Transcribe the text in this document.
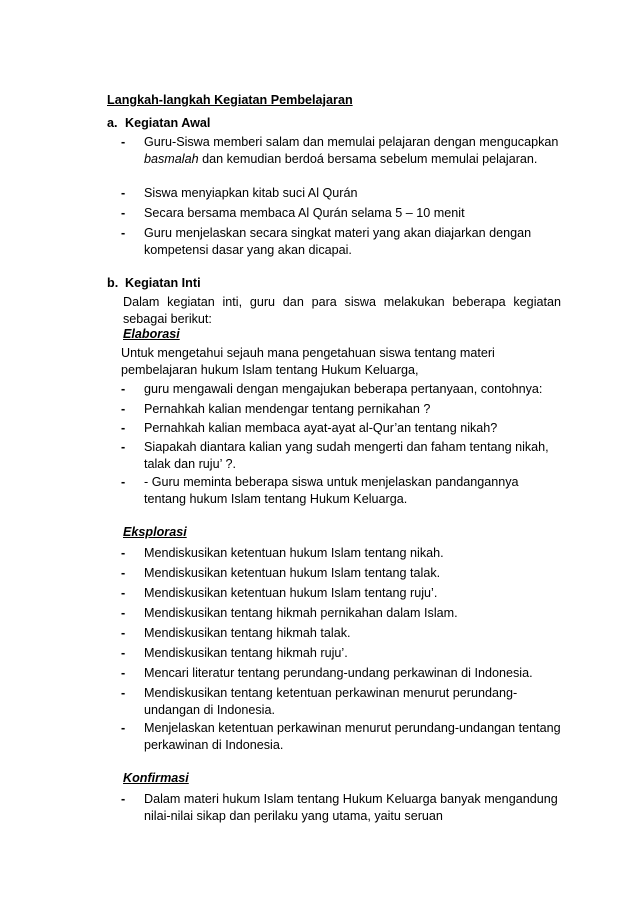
Langkah-langkah Kegiatan Pembelajaran
a. Kegiatan Awal
- Guru-Siswa memberi salam dan memulai pelajaran dengan mengucapkan basmalah dan kemudian berdoá bersama sebelum memulai pelajaran.
- Siswa menyiapkan kitab suci Al Qurán
- Secara bersama membaca Al Qurán selama 5 – 10 menit
- Guru menjelaskan secara singkat materi yang akan diajarkan dengan kompetensi dasar yang akan dicapai.
b. Kegiatan Inti
Dalam kegiatan inti, guru dan para siswa melakukan beberapa kegiatan sebagai berikut:
Elaborasi
Untuk mengetahui sejauh mana pengetahuan siswa tentang materi pembelajaran hukum Islam tentang Hukum Keluarga,
- guru mengawali dengan mengajukan beberapa pertanyaan, contohnya:
- Pernahkah kalian mendengar tentang pernikahan ?
- Pernahkah kalian membaca ayat-ayat al-Qur’an tentang nikah?
- Siapakah diantara kalian yang sudah mengerti dan faham tentang nikah, talak dan ruju’ ?.
- - Guru meminta beberapa siswa untuk menjelaskan pandangannya tentang hukum Islam tentang Hukum Keluarga.
Eksplorasi
- Mendiskusikan ketentuan hukum Islam tentang nikah.
- Mendiskusikan ketentuan hukum Islam tentang talak.
- Mendiskusikan ketentuan hukum Islam tentang ruju’.
- Mendiskusikan tentang hikmah pernikahan dalam Islam.
- Mendiskusikan tentang hikmah talak.
- Mendiskusikan tentang hikmah ruju’.
- Mencari literatur tentang perundang-undang perkawinan di Indonesia.
- Mendiskusikan tentang ketentuan perkawinan menurut perundang-undangan di Indonesia.
- Menjelaskan ketentuan perkawinan menurut perundang-undangan tentang perkawinan di Indonesia.
Konfirmasi
- Dalam materi hukum Islam tentang Hukum Keluarga banyak mengandung nilai-nilai sikap dan perilaku yang utama, yaitu seruan
